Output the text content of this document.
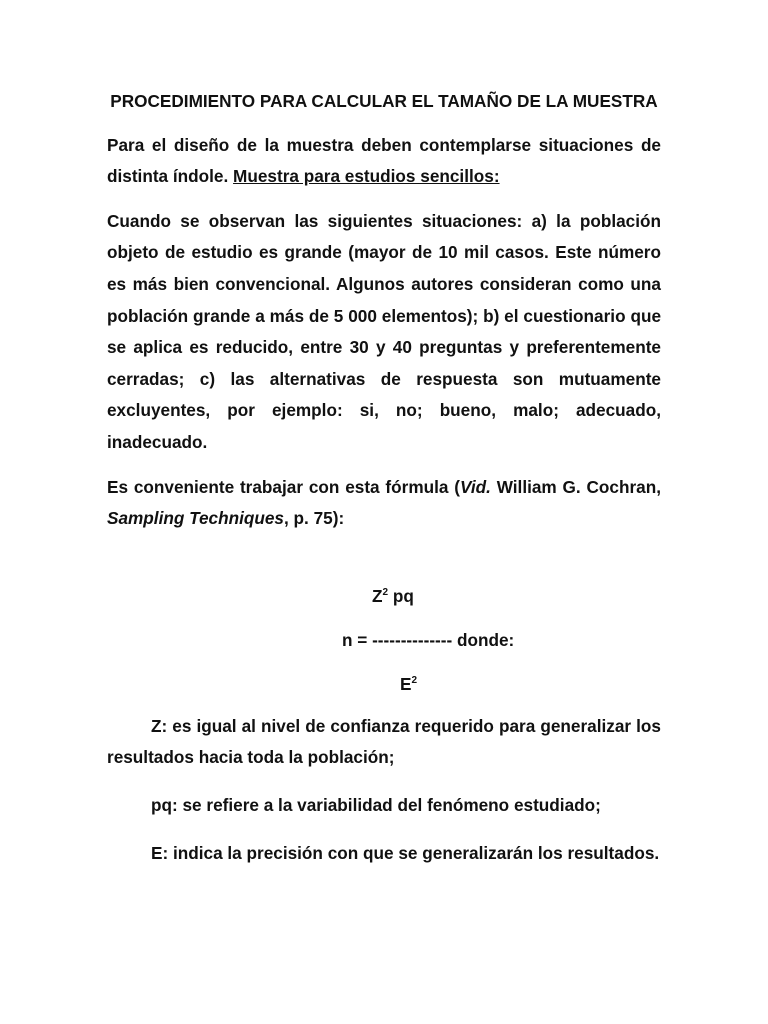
PROCEDIMIENTO PARA CALCULAR EL TAMAÑO DE LA MUESTRA

Para el diseño de la muestra deben contemplarse situaciones de distinta índole. Muestra para estudios sencillos:

Cuando se observan las siguientes situaciones: a) la población objeto de estudio es grande (mayor de 10 mil casos. Este número es más bien convencional. Algunos autores consideran como una población grande a más de 5 000 elementos); b) el cuestionario que se aplica es reducido, entre 30 y 40 preguntas y preferentemente cerradas; c) las alternativas de respuesta son mutuamente excluyentes, por ejemplo: si, no; bueno, malo; adecuado, inadecuado.

Es conveniente trabajar con esta fórmula (Vid. William G. Cochran, Sampling Techniques, p. 75):

$Z^2$ pq
n = -------------- donde:
$E^2$

Z: es igual al nivel de confianza requerido para generalizar los resultados hacia toda la población;

pq: se refiere a la variabilidad del fenómeno estudiado;

E: indica la precisión con que se generalizarán los resultados.
